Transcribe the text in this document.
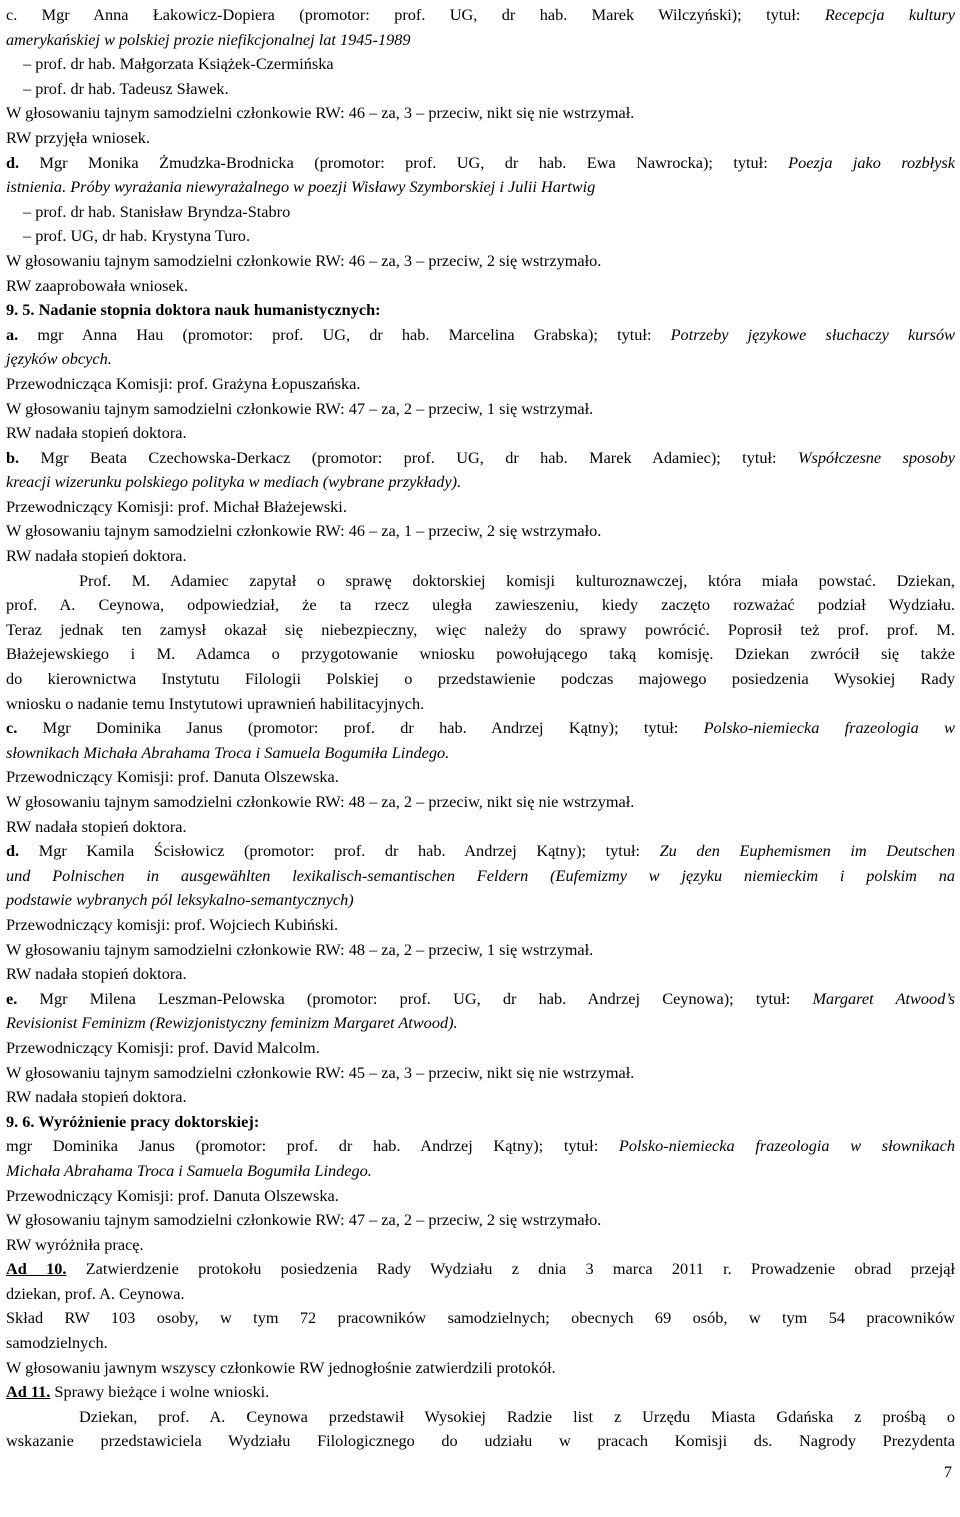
c. Mgr Anna Łakowicz-Dopiera (promotor: prof. UG, dr hab. Marek Wilczyński); tytuł: Recepcja kultury
amerykańskiej w polskiej prozie niefikcjonalnej lat 1945-1989
– prof. dr hab. Małgorzata Książek-Czermińska
– prof. dr hab. Tadeusz Sławek.
W głosowaniu tajnym samodzielni członkowie RW: 46 – za, 3 – przeciw, nikt się nie wstrzymał.
RW przyjęła wniosek.
d. Mgr Monika Żmudzka-Brodnicka (promotor: prof. UG, dr hab. Ewa Nawrocka); tytuł: Poezja jako rozbłysk
istnienia. Próby wyrażania niewyrażalnego w poezji Wisławy Szymborskiej i Julii Hartwig
– prof. dr hab. Stanisław Bryndza-Stabro
– prof. UG, dr hab. Krystyna Turo.
W głosowaniu tajnym samodzielni członkowie RW: 46 – za, 3 – przeciw, 2 się wstrzymało.
RW zaaprobowała wniosek.
9. 5. Nadanie stopnia doktora nauk humanistycznych:
a. mgr Anna Hau (promotor: prof. UG, dr hab. Marcelina Grabska); tytuł: Potrzeby językowe słuchaczy kursów
języków obcych.
Przewodnicząca Komisji: prof. Grażyna Łopuszańska.
W głosowaniu tajnym samodzielni członkowie RW: 47 – za, 2 – przeciw, 1 się wstrzymał.
RW nadała stopień doktora.
b. Mgr Beata Czechowska-Derkacz (promotor: prof. UG, dr hab. Marek Adamiec); tytuł: Współczesne sposoby
kreacji wizerunku polskiego polityka w mediach (wybrane przykłady).
Przewodniczący Komisji: prof. Michał Błażejewski.
W głosowaniu tajnym samodzielni członkowie RW: 46 – za, 1 – przeciw, 2 się wstrzymało.
RW nadała stopień doktora.
Prof. M. Adamiec zapytał o sprawę doktorskiej komisji kulturoznawczej, która miała powstać. Dziekan,
prof. A. Ceynowa, odpowiedział, że ta rzecz uległa zawieszeniu, kiedy zaczęto rozważać podział Wydziału.
Teraz jednak ten zamysł okazał się niebezpieczny, więc należy do sprawy powrócić. Poprosił też prof. prof. M.
Błażejewskiego i M. Adamca o przygotowanie wniosku powołującego taką komisję. Dziekan zwrócił się także
do kierownictwa Instytutu Filologii Polskiej o przedstawienie podczas majowego posiedzenia Wysokiej Rady
wniosku o nadanie temu Instytutowi uprawnień habilitacyjnych.
c. Mgr Dominika Janus (promotor: prof. dr hab. Andrzej Kątny); tytuł: Polsko-niemiecka frazeologia w
słownikach Michała Abrahama Troca i Samuela Bogumiła Lindego.
Przewodniczący Komisji: prof. Danuta Olszewska.
W głosowaniu tajnym samodzielni członkowie RW: 48 – za, 2 – przeciw, nikt się nie wstrzymał.
RW nadała stopień doktora.
d. Mgr Kamila Ścisłowicz (promotor: prof. dr hab. Andrzej Kątny); tytuł: Zu den Euphemismen im Deutschen
und Polnischen in ausgewählten lexikalisch-semantischen Feldern (Eufemizmy w języku niemieckim i polskim na
podstawie wybranych pól leksykalno-semantycznych)
Przewodniczący komisji: prof. Wojciech Kubiński.
W głosowaniu tajnym samodzielni członkowie RW: 48 – za, 2 – przeciw, 1 się wstrzymał.
RW nadała stopień doktora.
e. Mgr Milena Leszman-Pelowska (promotor: prof. UG, dr hab. Andrzej Ceynowa); tytuł: Margaret Atwood’s
Revisionist Feminizm (Rewizjonistyczny feminizm Margaret Atwood).
Przewodniczący Komisji: prof. David Malcolm.
W głosowaniu tajnym samodzielni członkowie RW: 45 – za, 3 – przeciw, nikt się nie wstrzymał.
RW nadała stopień doktora.
9. 6. Wyróżnienie pracy doktorskiej:
mgr Dominika Janus (promotor: prof. dr hab. Andrzej Kątny); tytuł: Polsko-niemiecka frazeologia w słownikach
Michała Abrahama Troca i Samuela Bogumiła Lindego.
Przewodniczący Komisji: prof. Danuta Olszewska.
W głosowaniu tajnym samodzielni członkowie RW: 47 – za, 2 – przeciw, 2 się wstrzymało.
RW wyróżniła pracę.
Ad 10. Zatwierdzenie protokołu posiedzenia Rady Wydziału z dnia 3 marca 2011 r. Prowadzenie obrad przejął
dziekan, prof. A. Ceynowa.
Skład RW 103 osoby, w tym 72 pracowników samodzielnych; obecnych 69 osób, w tym 54 pracowników
samodzielnych.
W głosowaniu jawnym wszyscy członkowie RW jednogłośnie zatwierdzili protokół.
Ad 11. Sprawy bieżące i wolne wnioski.
Dziekan, prof. A. Ceynowa przedstawił Wysokiej Radzie list z Urzędu Miasta Gdańska z prośbą o
wskazanie przedstawiciela Wydziału Filologicznego do udziału w pracach Komisji ds. Nagrody Prezydenta
7
